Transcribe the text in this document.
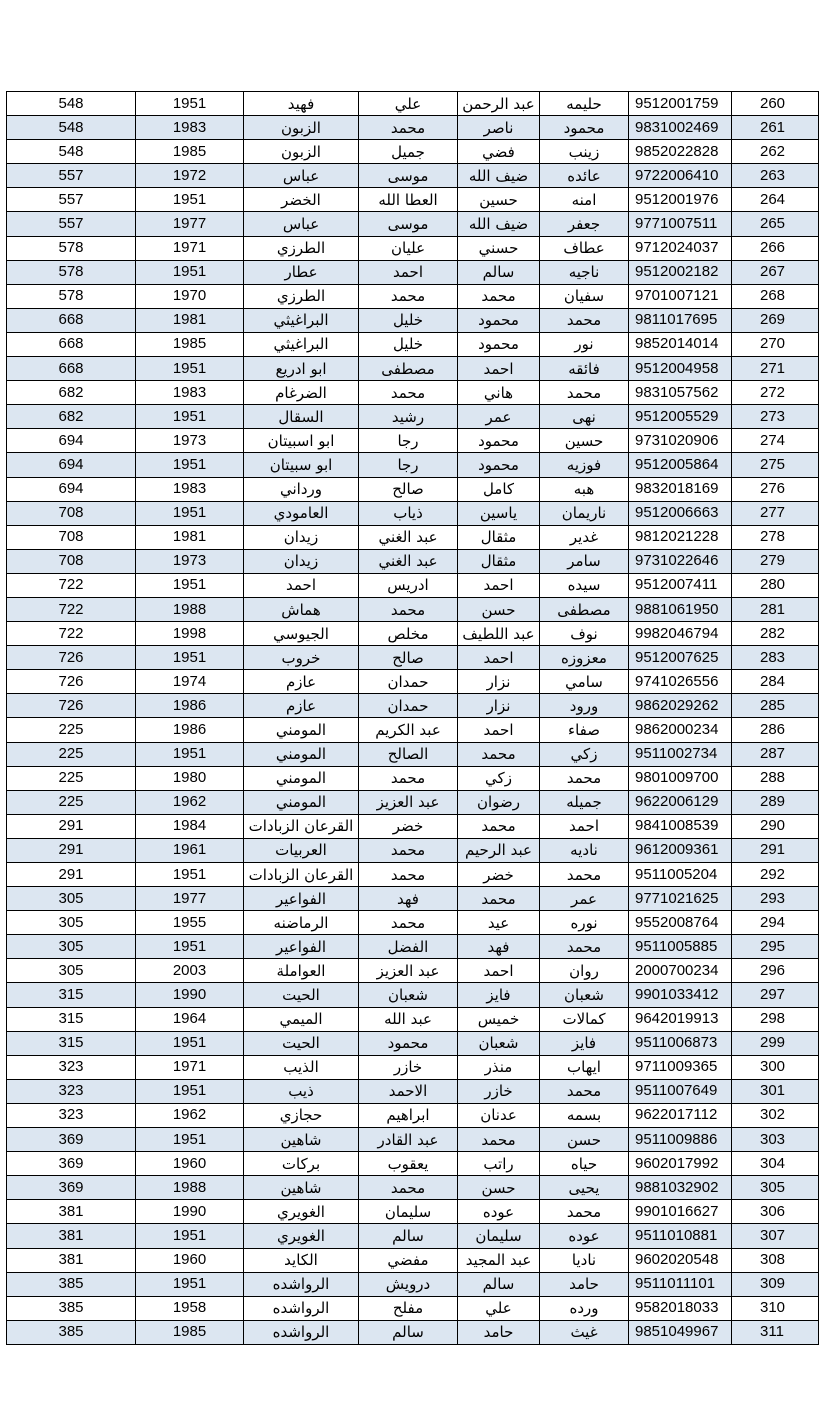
548	1951	فهيد	علي	عبد الرحمن	حليمه	9512001759	260
548	1983	الزبون	محمد	ناصر	محمود	9831002469	261
548	1985	الزبون	جميل	فضي	زينب	9852022828	262
557	1972	عباس	موسى	ضيف الله	عائده	9722006410	263
557	1951	الخضر	العطا الله	حسين	امنه	9512001976	264
557	1977	عباس	موسى	ضيف الله	جعفر	9771007511	265
578	1971	الطرزي	عليان	حسني	عطاف	9712024037	266
578	1951	عطار	احمد	سالم	ناجيه	9512002182	267
578	1970	الطرزي	محمد	محمد	سفيان	9701007121	268
668	1981	البراغيثي	خليل	محمود	محمد	9811017695	269
668	1985	البراغيثي	خليل	محمود	نور	9852014014	270
668	1951	ابو ادريع	مصطفى	احمد	فائقه	9512004958	271
682	1983	الضرغام	محمد	هاني	محمد	9831057562	272
682	1951	السقال	رشيد	عمر	نهى	9512005529	273
694	1973	ابو اسبيتان	رجا	محمود	حسين	9731020906	274
694	1951	ابو سبيتان	رجا	محمود	فوزيه	9512005864	275
694	1983	ورداني	صالح	كامل	هبه	9832018169	276
708	1951	العامودي	ذياب	ياسين	ناريمان	9512006663	277
708	1981	زيدان	عبد الغني	مثقال	غدير	9812021228	278
708	1973	زيدان	عبد الغني	مثقال	سامر	9731022646	279
722	1951	احمد	ادريس	احمد	سيده	9512007411	280
722	1988	هماش	محمد	حسن	مصطفى	9881061950	281
722	1998	الجيوسي	مخلص	عبد اللطيف	نوف	9982046794	282
726	1951	خروب	صالح	احمد	معزوزه	9512007625	283
726	1974	عازم	حمدان	نزار	سامي	9741026556	284
726	1986	عازم	حمدان	نزار	ورود	9862029262	285
225	1986	المومني	عبد الكريم	احمد	صفاء	9862000234	286
225	1951	المومني	الصالح	محمد	زكي	9511002734	287
225	1980	المومني	محمد	زكي	محمد	9801009700	288
225	1962	المومني	عبد العزيز	رضوان	جميله	9622006129	289
291	1984	القرعان الزبادات	خضر	محمد	احمد	9841008539	290
291	1961	العربيات	محمد	عبد الرحيم	ناديه	9612009361	291
291	1951	القرعان الزبادات	محمد	خضر	محمد	9511005204	292
305	1977	الفواعير	فهد	محمد	عمر	9771021625	293
305	1955	الرماضنه	محمد	عيد	نوره	9552008764	294
305	1951	الفواعير	الفضل	فهد	محمد	9511005885	295
305	2003	العواملة	عبد العزيز	احمد	روان	2000700234	296
315	1990	الحيت	شعبان	فايز	شعبان	9901033412	297
315	1964	الميمي	عبد الله	خميس	كمالات	9642019913	298
315	1951	الحيت	محمود	شعبان	فايز	9511006873	299
323	1971	الذيب	خازر	منذر	ايهاب	9711009365	300
323	1951	ذيب	الاحمد	خازر	محمد	9511007649	301
323	1962	حجازي	ابراهيم	عدنان	بسمه	9622017112	302
369	1951	شاهين	عبد القادر	محمد	حسن	9511009886	303
369	1960	بركات	يعقوب	راتب	حياه	9602017992	304
369	1988	شاهين	محمد	حسن	يحيى	9881032902	305
381	1990	الغويري	سليمان	عوده	محمد	9901016627	306
381	1951	الغويري	سالم	سليمان	عوده	9511010881	307
381	1960	الكايد	مفضي	عبد المجيد	ناديا	9602020548	308
385	1951	الرواشده	درويش	سالم	حامد	9511011101	309
385	1958	الرواشده	مفلح	علي	ورده	9582018033	310
385	1985	الرواشده	سالم	حامد	غيث	9851049967	311
